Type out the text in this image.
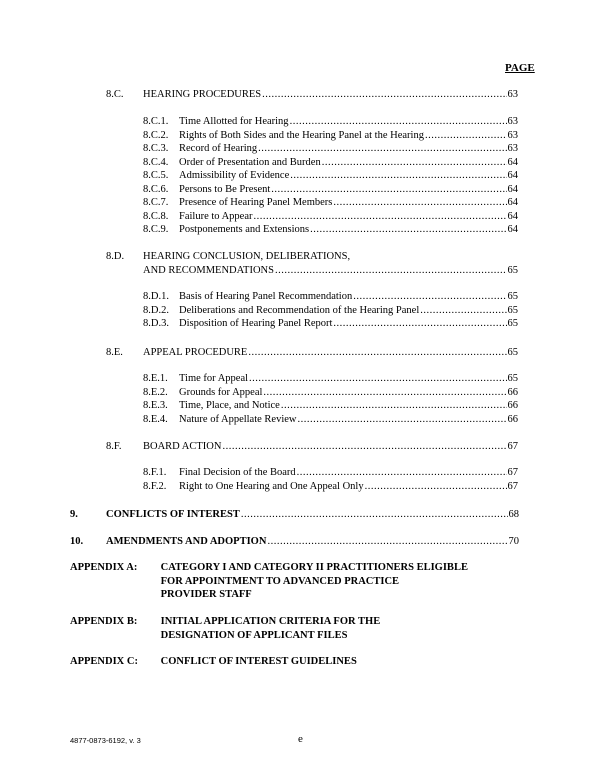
PAGE
8.C.	HEARING PROCEDURES .....	63
8.C.1.	Time Allotted for Hearing .....	63
8.C.2.	Rights of Both Sides and the Hearing Panel at the Hearing .....	63
8.C.3.	Record of Hearing .....	63
8.C.4.	Order of Presentation and Burden .....	64
8.C.5.	Admissibility of Evidence .....	64
8.C.6.	Persons to Be Present .....	64
8.C.7.	Presence of Hearing Panel Members .....	64
8.C.8.	Failure to Appear .....	64
8.C.9.	Postponements and Extensions .....	64
8.D. HEARING CONCLUSION, DELIBERATIONS,
AND RECOMMENDATIONS .....	65
8.D.1. Basis of Hearing Panel Recommendation .....	65
8.D.2. Deliberations and Recommendation of the Hearing Panel .....	65
8.D.3. Disposition of Hearing Panel Report .....	65
8.E.	APPEAL PROCEDURE .....	65
8.E.1.	Time for Appeal .....	65
8.E.2.	Grounds for Appeal .....	66
8.E.3.	Time, Place, and Notice .....	66
8.E.4.	Nature of Appellate Review .....	66
8.F.	BOARD ACTION .....	67
8.F.1.	Final Decision of the Board .....	67
8.F.2.	Right to One Hearing and One Appeal Only .....	67
9.	CONFLICTS OF INTEREST .....	68
10.	AMENDMENTS AND ADOPTION .....	70
APPENDIX A: CATEGORY I AND CATEGORY II PRACTITIONERS ELIGIBLE
FOR APPOINTMENT TO ADVANCED PRACTICE
PROVIDER STAFF
APPENDIX B: INITIAL APPLICATION CRITERIA FOR THE
DESIGNATION OF APPLICANT FILES
APPENDIX C: CONFLICT OF INTEREST GUIDELINES
4877-0873-6192, v. 3	e
